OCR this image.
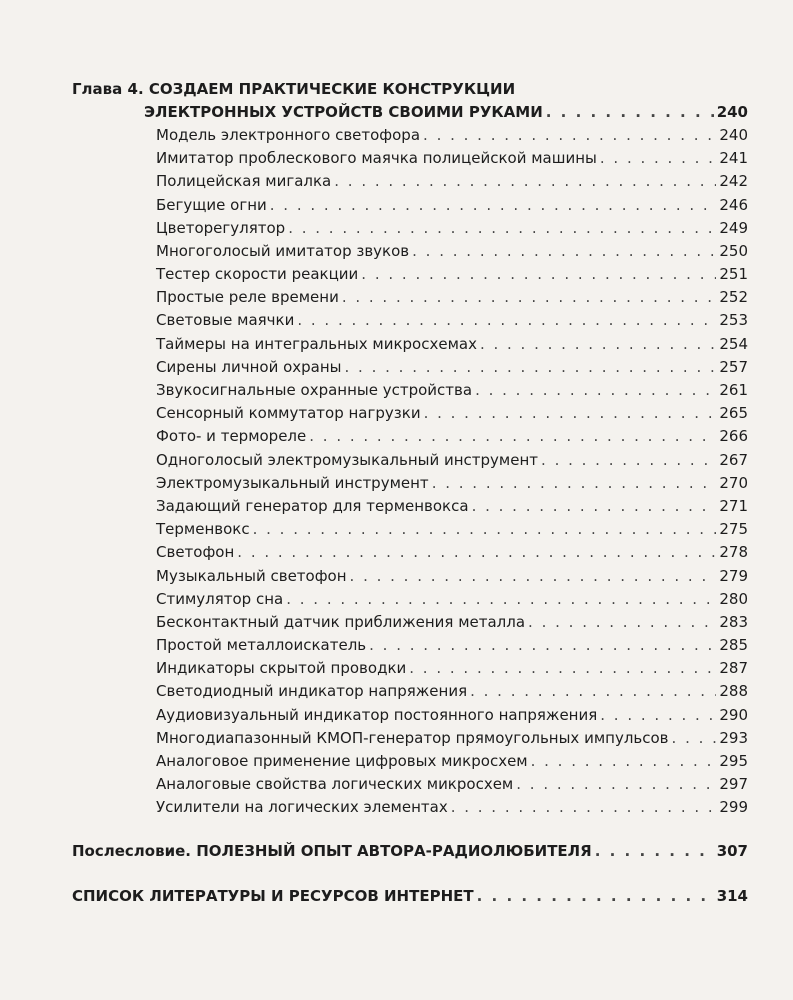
Глава 4. СОЗДАЕМ ПРАКТИЧЕСКИЕ КОНСТРУКЦИИ
ЭЛЕКТРОННЫХ УСТРОЙСТВ СВОИМИ РУКАМИ . . .	240
Модель электронного светофора . . .	240
Имитатор проблескового маячка полицейской машины . . .	241
Полицейская мигалка . . .	242
Бегущие огни . . .	246
Цветорегулятор . . .	249
Многоголосый имитатор звуков . . .	250
Тестер скорости реакции . . .	251
Простые реле времени . . .	252
Световые маячки . . .	253
Таймеры на интегральных микросхемах . . .	254
Сирены личной охраны . . .	257
Звукосигнальные охранные устройства . . .	261
Сенсорный коммутатор нагрузки . . .	265
Фото- и терморелe . . .	266
Одноголосый электромузыкальный инструмент . . .	267
Электромузыкальный инструмент . . .	270
Задающий генератор для терменвокса . . .	271
Терменвокс . . .	275
Светофон . . .	278
Музыкальный светофон . . .	279
Стимулятор сна . . .	280
Бесконтактный датчик приближения металла . . .	283
Простой металлоискатель . . .	285
Индикаторы скрытой проводки . . .	287
Светодиодный индикатор напряжения . . .	288
Аудиовизуальный индикатор постоянного напряжения . . .	290
Многодиапазонный КМОП-генератор прямоугольных импульсов . . .	293
Аналоговое применение цифровых микросхем . . .	295
Аналоговые свойства логических микросхем . . .	297
Усилители на логических элементах . . .	299
Послесловие. ПОЛЕЗНЫЙ ОПЫТ АВТОРА-РАДИОЛЮБИТЕЛЯ . . .	307
СПИСОК ЛИТЕРАТУРЫ И РЕСУРСОВ ИНТЕРНЕТ . . .	314
